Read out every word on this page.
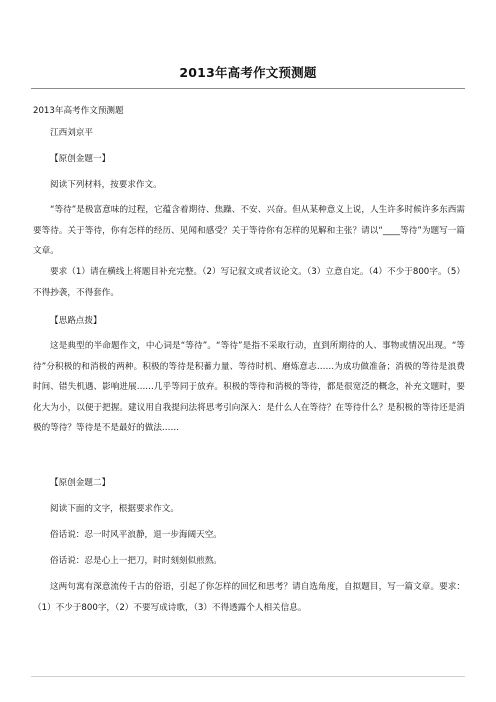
2013年高考作文预测题
2013年高考作文预测题
江西刘京平
【原创金题一】
阅读下列材料，按要求作文。
“等待”是极富意味的过程，它蕴含着期待、焦躁、不安、兴奋。但从某种意义上说，人生许多时候许多东西需要等待。关于等待，你有怎样的经历、见闻和感受？关于等待你有怎样的见解和主张？请以“____等待”为题写一篇文章。
要求（1）请在横线上将题目补充完整。（2）写记叙文或者议论文。（3）立意自定。（4）不少于800字。（5）不得抄袭，不得套作。
【思路点拨】
这是典型的半命题作文，中心词是“等待”。“等待”是指不采取行动，直到所期待的人、事物或情况出现。“等待”分积极的和消极的两种。积极的等待是积蓄力量、等待时机、磨炼意志……为成功做准备；消极的等待是浪费时间、错失机遇、影响进展……几乎等同于放弃。积极的等待和消极的等待，都是很宽泛的概念，补充文题时，要化大为小，以便于把握。建议用自我提问法将思考引向深入：是什么人在等待？在等待什么？是积极的等待还是消极的等待？等待是不是最好的做法……
【原创金题二】
阅读下面的文字，根据要求作文。
俗话说：忍一时风平浪静，退一步海阔天空。
俗话说：忍是心上一把刀，时时刻刻似煎熬。
这两句寓有深意流传千古的俗语，引起了你怎样的回忆和思考？请自选角度，自拟题目，写一篇文章。要求：（1）不少于800字，（2）不要写成诗歌，（3）不得透露个人相关信息。
